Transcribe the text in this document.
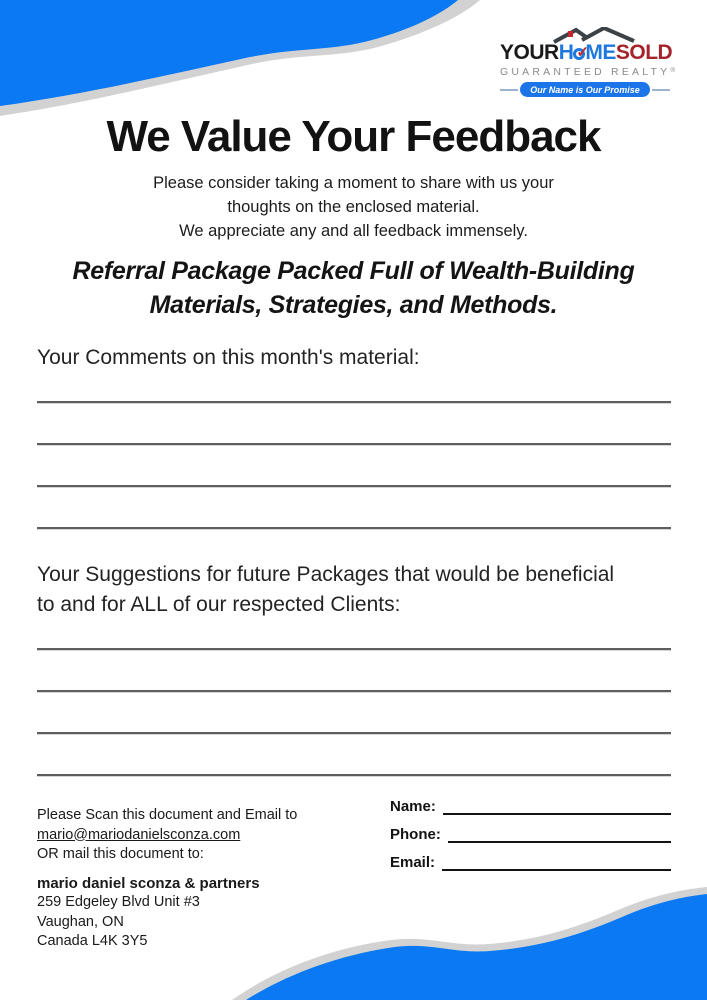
YOURH ✓
MESOLD
GUARANTEED REALTY®
Our Name is Our Promise
We Value Your Feedback
Please consider taking a moment to share with us your
thoughts on the enclosed material.
We appreciate any and all feedback immensely.
Referral Package Packed Full of Wealth-Building
Materials, Strategies, and Methods.
Your Comments on this month's material:
Your Suggestions for future Packages that would be beneficial to and for ALL of our respected Clients:
Please Scan this document and Email to
mario@mariodanielsconza.com
OR mail this document to:
mario daniel sconza & partners
259 Edgeley Blvd Unit #3
Vaughan, ON
Canada L4K 3Y5
Name:
Phone:
Email:
